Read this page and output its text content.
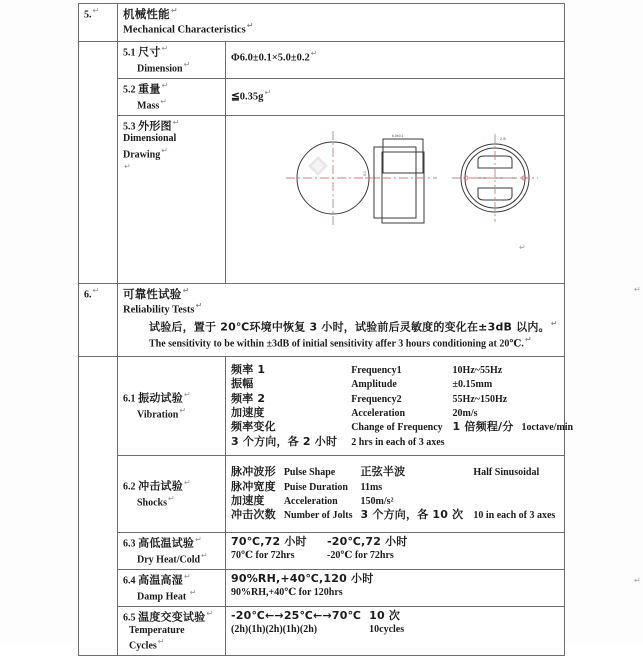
5.↵	机械性能↵
Mechanical Characteristics↵

	5.1 尺寸↵
Dimension↵	Φ6.0±0.1×5.0±0.2↵

	5.2 重量↵
Mass↵	≦0.35g↵

	5.3 外形图↵
Dimensional Drawing↵
↵

6.0±0.1
5.0
2-Φ
↵
6.↵	可靠性试验↵
Reliability Tests↵
试验后，置于 20℃环境中恢复 3 小时，试验前后灵敏度的变化在±3dB 以内。↵
The sensitivity to be within ±3dB of initial sensitivity affer 3 hours conditioning at 20℃.↵

6.1 振动试验↵
Vibration↵

频率 1	Frequency1	10Hz~55Hz	
振幅	Amplitude	±0.15mm	
频率 2	Frequency2	55Hz~150Hz	
加速度	Acceleration	20m/s	
频率变化	Change of Frequency	1 倍频程/分	1octave/min
3 个方向，各 2 小时	2 hrs in each of 3 axes

6.2 冲击试验↵
Shocks↵

脉冲波形	Pulse Shape	正弦半波	Half Sinusoidal
脉冲宽度	Puise Duration	11ms	
加速度	Acceleration	150m/s²	
冲击次数	Number of Jolts	3 个方向，各 10 次	10 in each of 3 axes

6.3 高低温试验↵
Dry Heat/Cold↵

70℃,72 小时	-20℃,72 小时
70℃ for 72hrs	-20℃ for 72hrs

6.4 高温高湿↵
Damp Heat ↵

90%RH,+40℃,120 小时
90%RH,+40℃ for 120hrs

6.5 温度交变试验↵
Temperature Cycles↵

-20℃←→25℃←→70℃	10 次
(2h)(1h)(2h)(1h)(2h)	10cycles
↵
↵
